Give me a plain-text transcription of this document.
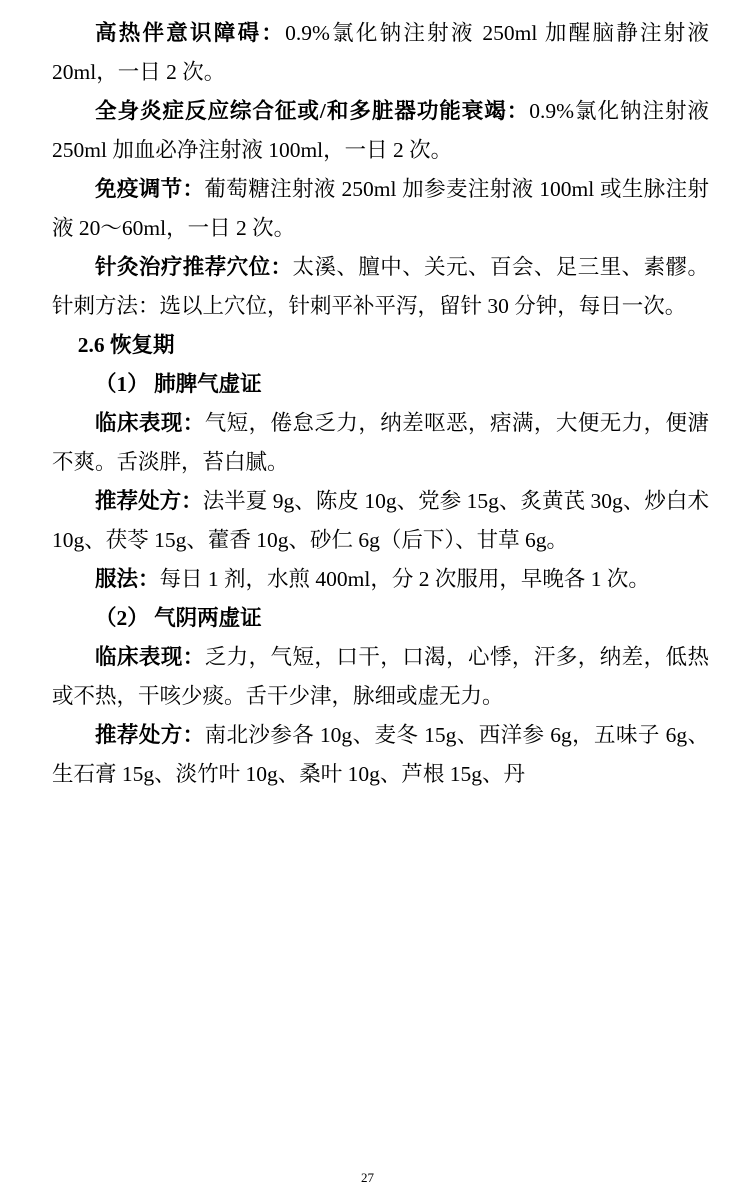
高热伴意识障碍：0.9%氯化钠注射液 250ml 加醒脑静注射液 20ml，一日 2 次。

全身炎症反应综合征或/和多脏器功能衰竭：0.9%氯化钠注射液 250ml 加血必净注射液 100ml，一日 2 次。

免疫调节：葡萄糖注射液 250ml 加参麦注射液 100ml 或生脉注射液 20～60ml，一日 2 次。

针灸治疗推荐穴位：太溪、膻中、关元、百会、足三里、素髎。针刺方法：选以上穴位，针刺平补平泻，留针 30 分钟，每日一次。

2.6 恢复期

（1） 肺脾气虚证

临床表现：气短，倦怠乏力，纳差呕恶，痞满，大便无力，便溏不爽。舌淡胖，苔白腻。

推荐处方：法半夏 9g、陈皮 10g、党参 15g、炙黄芪 30g、炒白术 10g、茯苓 15g、藿香 10g、砂仁 6g（后下）、甘草 6g。

服法：每日 1 剂，水煎 400ml，分 2 次服用，早晚各 1 次。

（2） 气阴两虚证

临床表现：乏力，气短，口干，口渴，心悸，汗多，纳差，低热或不热，干咳少痰。舌干少津，脉细或虚无力。

推荐处方：南北沙参各 10g、麦冬 15g、西洋参 6g，五味子 6g、生石膏 15g、淡竹叶 10g、桑叶 10g、芦根 15g、丹

27
